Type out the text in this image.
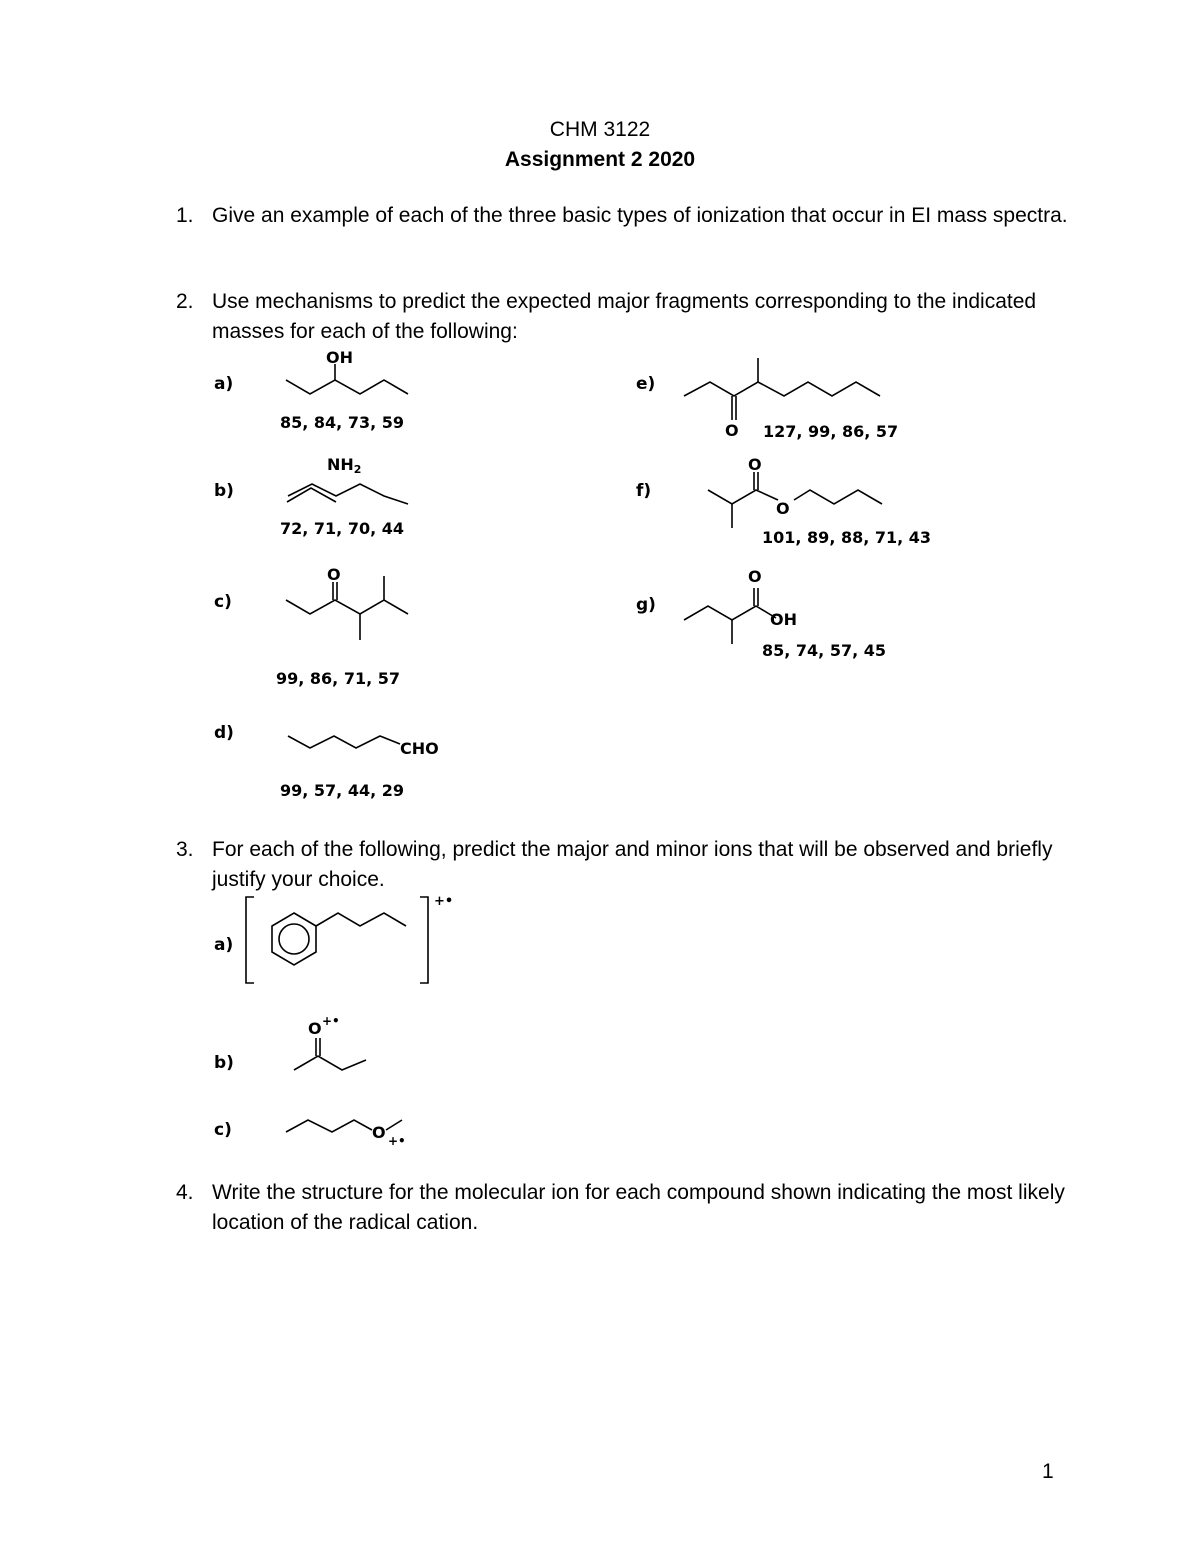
CHM 3122
Assignment 2 2020
1. Give an example of each of the three basic types of ionization that occur in EI mass spectra.
2. Use mechanisms to predict the expected major fragments corresponding to the indicated masses for each of the following:
a)
OH
85, 84, 73, 59
b)
$NH_2$
72, 71, 70, 44
c)
O
99, 86, 71, 57
d)
CHO
99, 57, 44, 29
e)
O 127, 99, 86, 57
f)
O
O
101, 89, 88, 71, 43
g)
O
OH
85, 74, 57, 45
3. For each of the following, predict the major and minor ions that will be observed and briefly justify your choice.
a)
+•
b)
O +•
c)	O +•
4. Write the structure for the molecular ion for each compound shown indicating the most likely location of the radical cation.
1
